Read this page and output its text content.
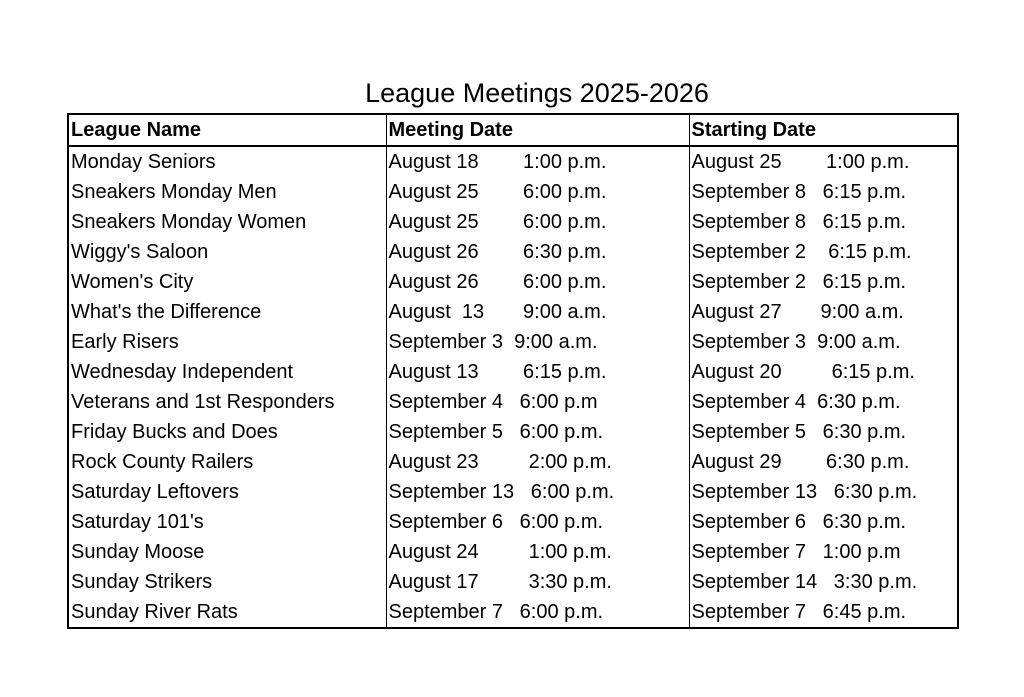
League Meetings 2025-2026
League Name	Meeting Date	Starting Date
Monday Seniors	August 18        1:00 p.m.	August 25        1:00 p.m.
Sneakers Monday Men	August 25        6:00 p.m.	September 8   6:15 p.m.
Sneakers Monday Women	August 25        6:00 p.m.	September 8   6:15 p.m.
Wiggy's Saloon	August 26        6:30 p.m.	September 2    6:15 p.m.
Women's City	August 26        6:00 p.m.	September 2   6:15 p.m.
What's the Difference	August  13       9:00 a.m.	August 27       9:00 a.m.
Early Risers	September 3  9:00 a.m.	September 3  9:00 a.m.
Wednesday Independent	August 13        6:15 p.m.	August 20         6:15 p.m.
Veterans and 1st Responders	September 4   6:00 p.m	September 4  6:30 p.m.
Friday Bucks and Does	September 5   6:00 p.m.	September 5   6:30 p.m.
Rock County Railers	August 23         2:00 p.m.	August 29        6:30 p.m.
Saturday Leftovers	September 13   6:00 p.m.	September 13   6:30 p.m.
Saturday 101's	September 6   6:00 p.m.	September 6   6:30 p.m.
Sunday Moose	August 24         1:00 p.m.	September 7   1:00 p.m
Sunday Strikers	August 17         3:30 p.m.	September 14   3:30 p.m.
Sunday River Rats	September 7   6:00 p.m.	September 7   6:45 p.m.
